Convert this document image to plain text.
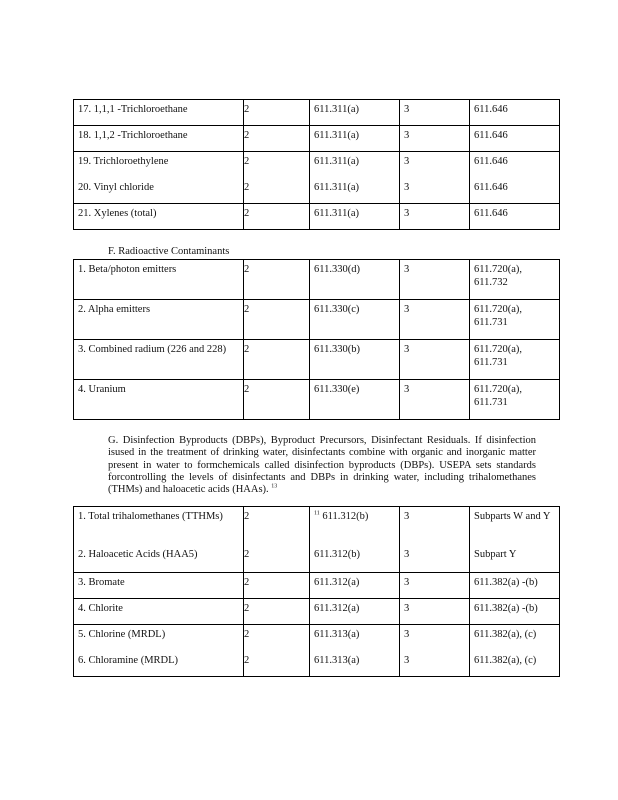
17. 1,1,1 -Trichloroethane	2	611.311(a)	3	611.646
18. 1,1,2 -Trichloroethane	2	611.311(a)	3	611.646
19. Trichloroethylene	2	611.311(a)	3	611.646
20. Vinyl chloride	2	611.311(a)	3	611.646
21. Xylenes (total)	2	611.311(a)	3	611.646
F. Radioactive Contaminants
1. Beta/photon emitters	2	611.330(d)	3	611.720(a), 611.732
2. Alpha emitters	2	611.330(c)	3	611.720(a), 611.731
3. Combined radium (226 and 228)	2	611.330(b)	3	611.720(a), 611.731
4. Uranium	2	611.330(e)	3	611.720(a), 611.731
G. Disinfection Byproducts (DBPs), Byproduct Precursors, Disinfectant Residuals. If disinfection isused in the treatment of drinking water, disinfectants combine with organic and inorganic matter present in water to formchemicals called disinfection byproducts (DBPs). USEPA sets standards forcontrolling the levels of disinfectants and DBPs in drinking water, including trihalomethanes (THMs) and haloacetic acids (HAAs). $^{13}$
1. Total trihalomethanes (TTHMs)	2	$^{11}$ 611.312(b)	3	Subparts W and Y
2. Haloacetic Acids (HAA5)	2	611.312(b)	3	Subpart Y
3. Bromate	2	611.312(a)	3	611.382(a) -(b)
4. Chlorite	2	611.312(a)	3	611.382(a) -(b)
5. Chlorine (MRDL)	2	611.313(a)	3	611.382(a), (c)
6. Chloramine (MRDL)	2	611.313(a)	3	611.382(a), (c)
